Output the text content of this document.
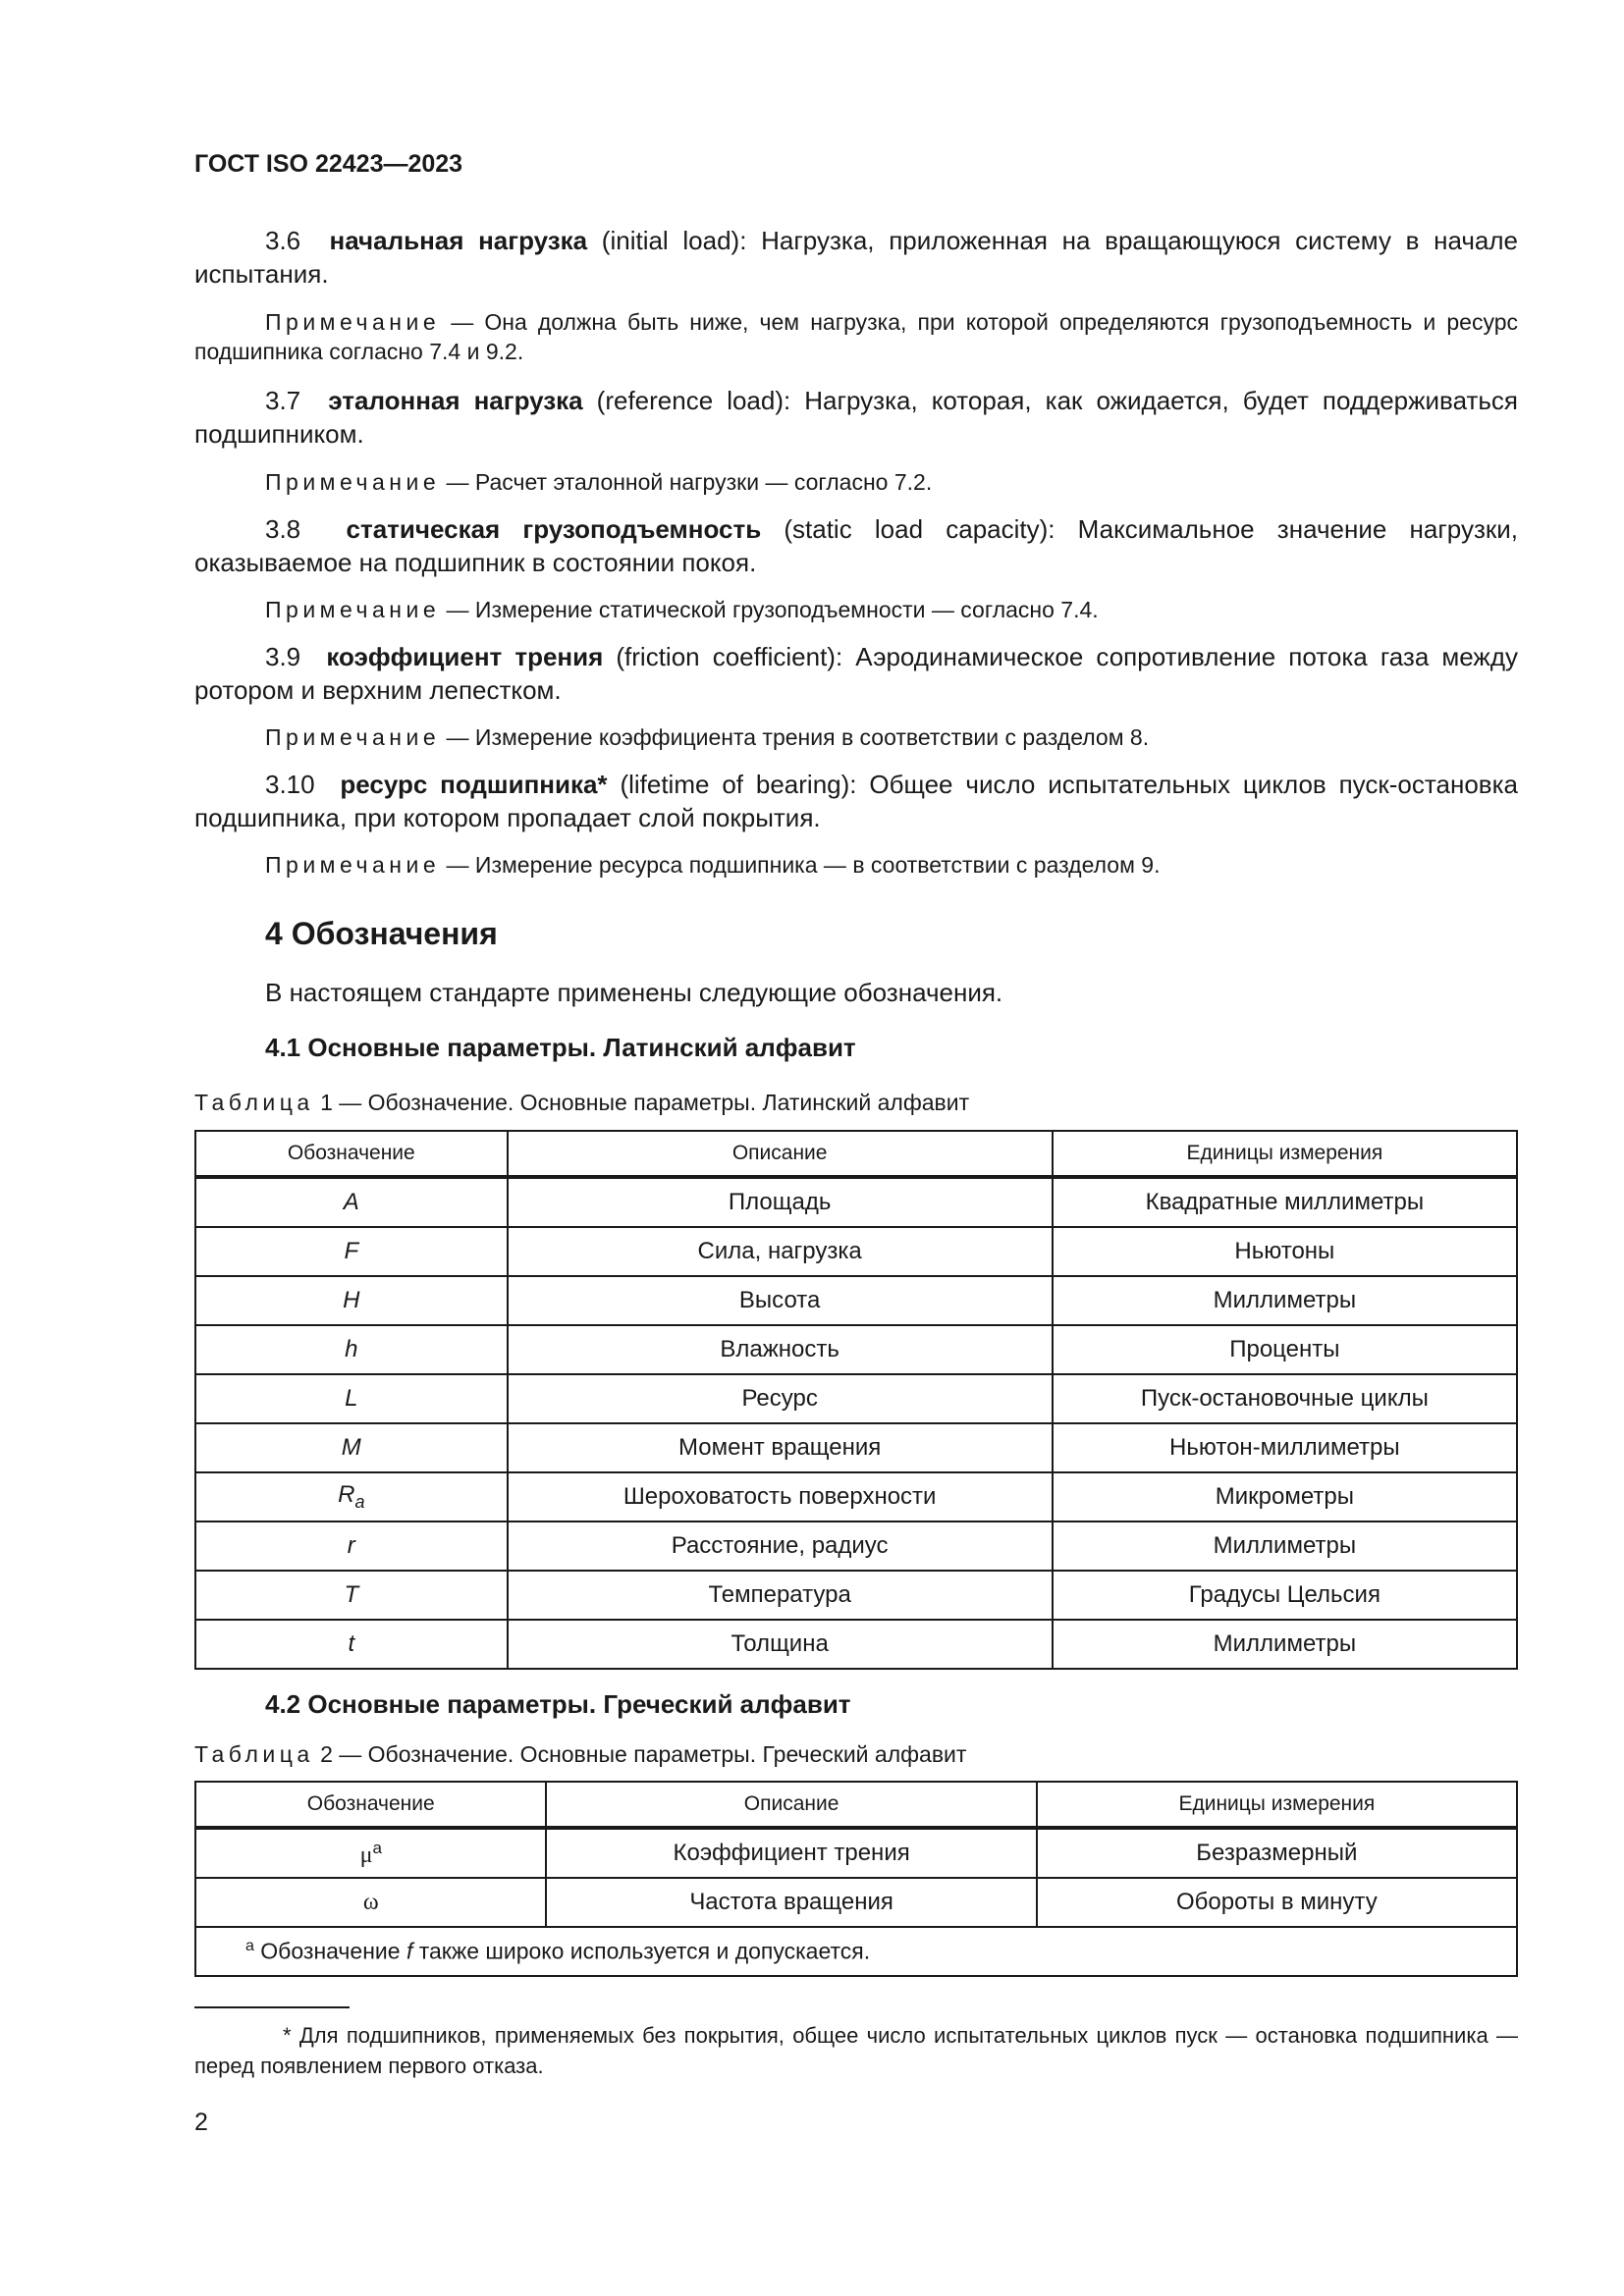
ГОСТ ISO 22423—2023

3.6 начальная нагрузка (initial load): Нагрузка, приложенная на вращающуюся систему в начале испытания.

Примечание — Она должна быть ниже, чем нагрузка, при которой определяются грузоподъемность и ресурс подшипника согласно 7.4 и 9.2.

3.7 эталонная нагрузка (reference load): Нагрузка, которая, как ожидается, будет поддерживаться подшипником.

Примечание — Расчет эталонной нагрузки — согласно 7.2.

3.8 статическая грузоподъемность (static load capacity): Максимальное значение нагрузки, оказываемое на подшипник в состоянии покоя.

Примечание — Измерение статической грузоподъемности — согласно 7.4.

3.9 коэффициент трения (friction coefficient): Аэродинамическое сопротивление потока газа между ротором и верхним лепестком.

Примечание — Измерение коэффициента трения в соответствии с разделом 8.

3.10 ресурс подшипника* (lifetime of bearing): Общее число испытательных циклов пуск-остановка подшипника, при котором пропадает слой покрытия.

Примечание — Измерение ресурса подшипника — в соответствии с разделом 9.

4 Обозначения
В настоящем стандарте применены следующие обозначения.
4.1 Основные параметры. Латинский алфавит
Таблица 1 — Обозначение. Основные параметры. Латинский алфавит
Обозначение	Описание	Единицы измерения
A	Площадь	Квадратные миллиметры
F	Сила, нагрузка	Ньютоны
H	Высота	Миллиметры
h	Влажность	Проценты
L	Ресурс	Пуск-остановочные циклы
M	Момент вращения	Ньютон-миллиметры
$R_a$	Шероховатость поверхности	Микрометры
r	Расстояние, радиус	Миллиметры
T	Температура	Градусы Цельсия
t	Толщина	Миллиметры
4.2 Основные параметры. Греческий алфавит
Таблица 2 — Обозначение. Основные параметры. Греческий алфавит
Обозначение	Описание	Единицы измерения
$\mu^a$	Коэффициент трения	Безразмерный
ω	Частота вращения	Обороты в минуту
$^a$ Обозначение f также широко используется и допускается.		

* Для подшипников, применяемых без покрытия, общее число испытательных циклов пуск — остановка подшипника — перед появлением первого отказа.

2
